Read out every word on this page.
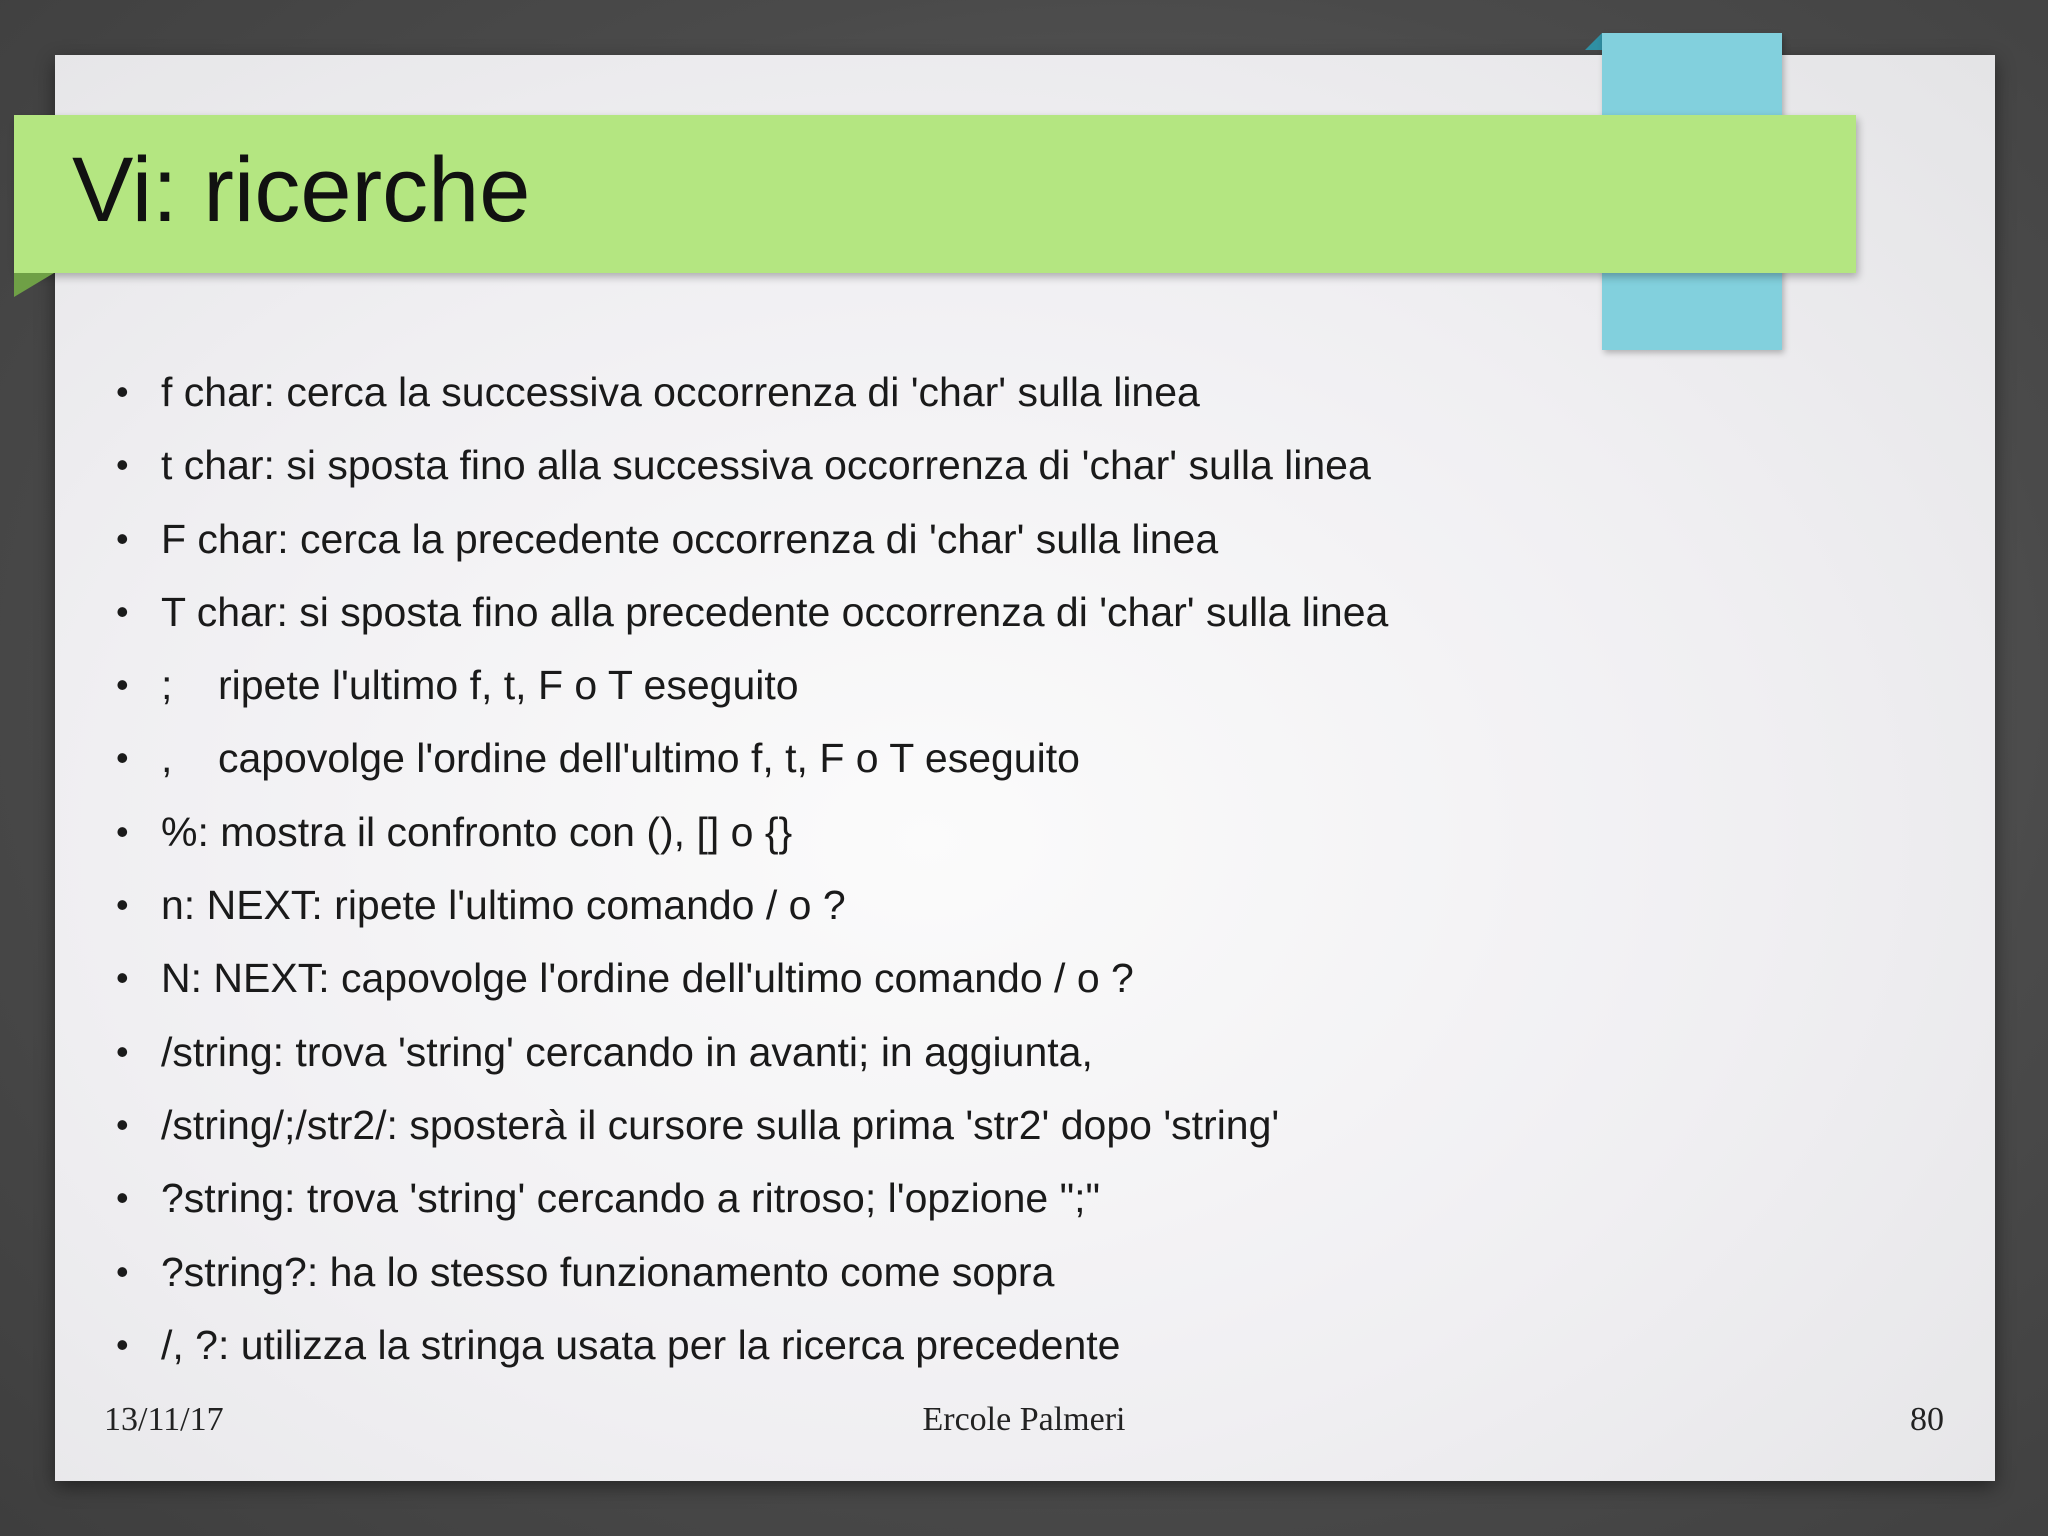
Vi: ricerche
• f char: cerca la successiva occorrenza di 'char' sulla linea
• t char: si sposta fino alla successiva occorrenza di 'char' sulla linea
• F char: cerca la precedente occorrenza di 'char' sulla linea
• T char: si sposta fino alla precedente occorrenza di 'char' sulla linea
• ;    ripete l'ultimo f, t, F o T eseguito
• ,    capovolge l'ordine dell'ultimo f, t, F o T eseguito
• %: mostra il confronto con (), [] o {}
• n: NEXT: ripete l'ultimo comando / o ?
• N: NEXT: capovolge l'ordine dell'ultimo comando / o ?
• /string: trova 'string' cercando in avanti; in aggiunta,
• /string/;/str2/: sposterà il cursore sulla prima 'str2' dopo 'string'
• ?string: trova 'string' cercando a ritroso; l'opzione ";"
• ?string?: ha lo stesso funzionamento come sopra
• /, ?: utilizza la stringa usata per la ricerca precedente
13/11/17	Ercole Palmeri	80
